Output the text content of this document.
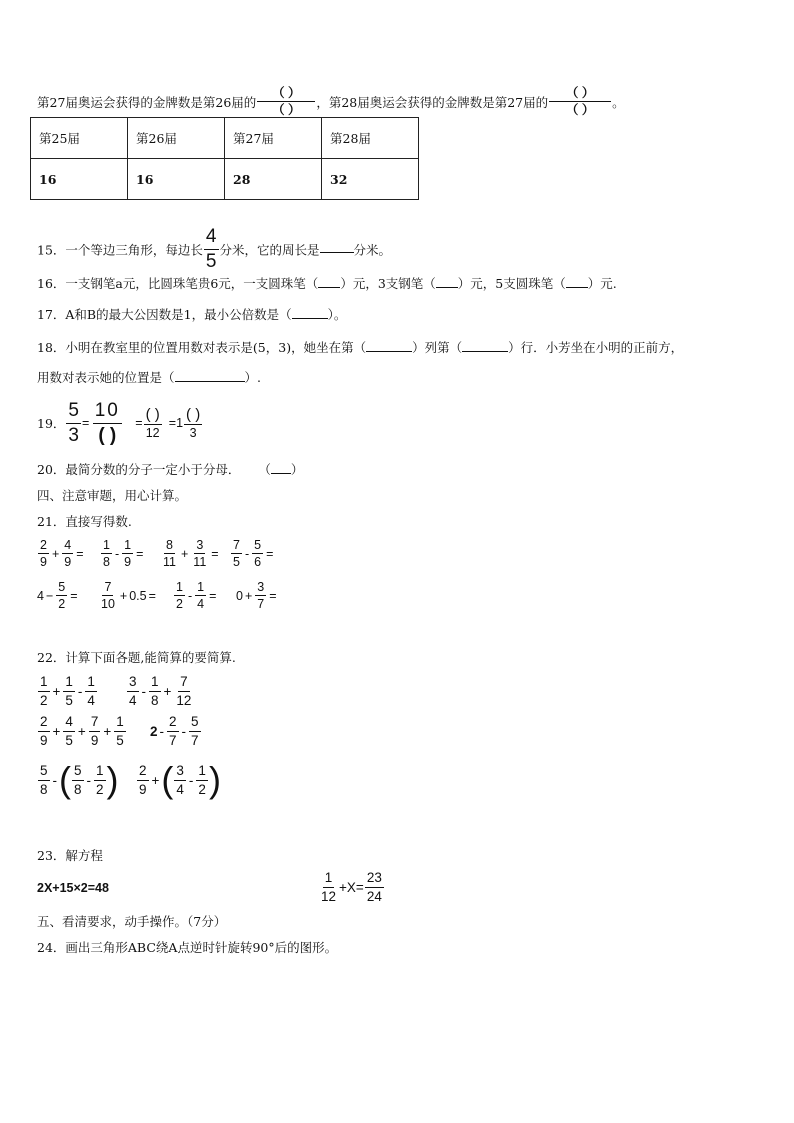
第27届奥运会获得的金牌数是第26届的 $\frac{( )}{( )}$ ，第28届奥运会获得的金牌数是第27届的 $\frac{( )}{( )}$ 。
第25届	第26届	第27届	第28届
16	16	28	32
15．一个等边三角形，每边长 $\frac{4}{5}$ 分米，它的周长是	分米。
16．一支钢笔a元，比圆珠笔贵6元，一支圆珠笔（ ）元，3支钢笔（ ）元，5支圆珠笔（ ）元.
17．A和B的最大公因数是1，最小公倍数是（	）。
18．小明在教室里的位置用数对表示是(5，3)，她坐在第（	）列第（	）行．小芳坐在小明的正前方，
用数对表示她的位置是（	）.
19． $\frac{5}{3} = \frac{10}{( )} = \frac{( )}{12} = 1 \frac{( )}{3}$
20．最简分数的分子一定小于分母． （ ）
四、注意审题，用心计算。
21．直接写得数.
$\frac{2}{9} + \frac{4}{9} = \frac{1}{8} - \frac{1}{9} = \frac{8}{11} + \frac{3}{11} = \frac{7}{5} - \frac{5}{6}$ =
$4 - \frac{5}{2} = \frac{7}{10} + 0.5 = \frac{1}{2} - \frac{1}{4} = 0 + \frac{3}{7}$ =
22．计算下面各题,能简算的要简算.
$\frac{1}{2} + \frac{1}{5} - \frac{1}{4} \frac{3}{4} - \frac{1}{8} + \frac{7}{12}$
$\frac{2}{9} + \frac{4}{5} + \frac{7}{9} + \frac{1}{5} 2 - \frac{2}{7} - \frac{5}{7}$
$\frac{5}{8}$ - ( $\frac{5}{8} - \frac{1}{2}$ ) $\frac{2}{9}$ + ( $\frac{3}{4} - \frac{1}{2}$ )
23．解方程
2X+15×2=48	$\frac{1}{12} +X= \frac{23}{24}$
五、看清要求，动手操作。（7分）
24．画出三角形ABC绕A点逆时针旋转90°后的图形。
